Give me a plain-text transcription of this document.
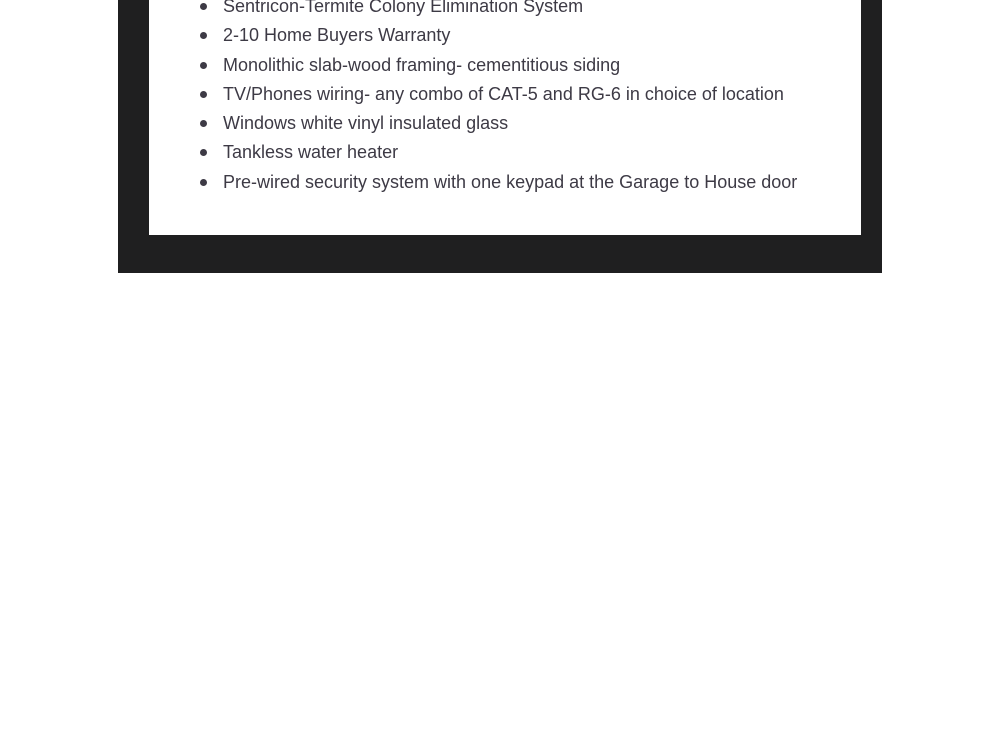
Sentricon-Termite Colony Elimination System
2-10 Home Buyers Warranty
Monolithic slab-wood framing- cementitious siding
TV/Phones wiring- any combo of CAT-5 and RG-6 in choice of location
Windows white vinyl insulated glass
Tankless water heater
Pre-wired security system with one keypad at the Garage to House door
